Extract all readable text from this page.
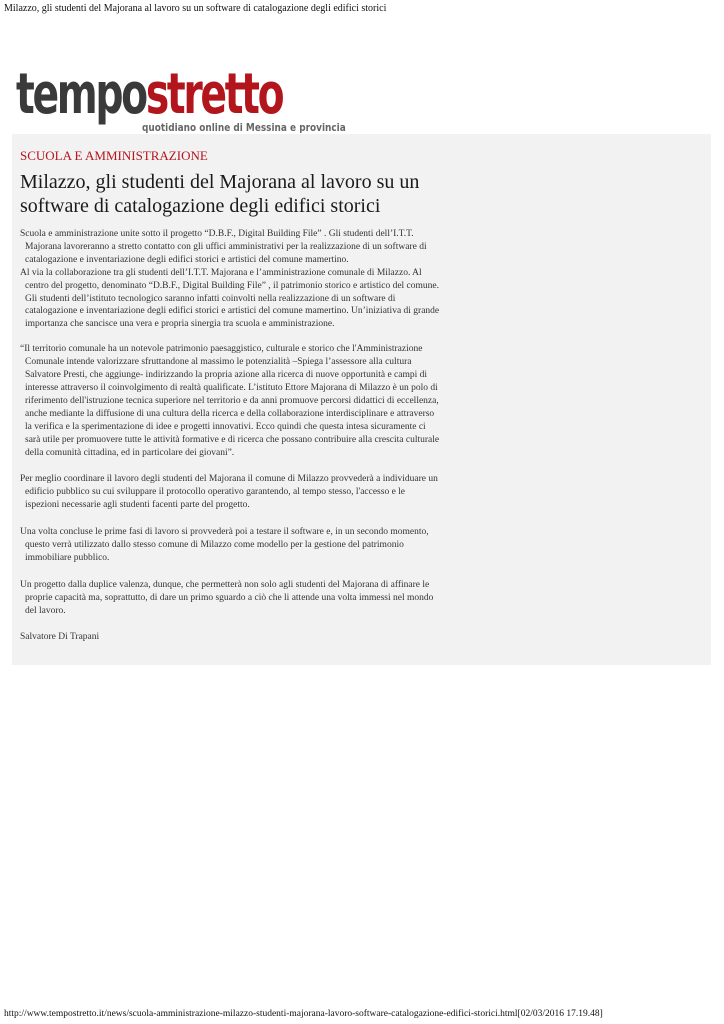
Milazzo, gli studenti del Majorana al lavoro su un software di catalogazione degli edifici storici
tempostretto
quotidiano online di Messina e provincia
SCUOLA E AMMINISTRAZIONE
Milazzo, gli studenti del Majorana al lavoro su un software di catalogazione degli edifici storici

Scuola e amministrazione unite sotto il progetto “D.B.F., Digital Building File” . Gli studenti dell’I.T.T. Majorana lavoreranno a stretto contatto con gli uffici amministrativi per la realizzazione di un software di catalogazione e inventariazione degli edifici storici e artistici del comune mamertino.

Al via la collaborazione tra gli studenti dell’I.T.T. Majorana e l’amministrazione comunale di Milazzo. Al centro del progetto, denominato “D.B.F., Digital Building File” , il patrimonio storico e artistico del comune. Gli studenti dell’istituto tecnologico saranno infatti coinvolti nella realizzazione di un software di catalogazione e inventariazione degli edifici storici e artistici del comune mamertino. Un’iniziativa di grande importanza che sancisce una vera e propria sinergia tra scuola e amministrazione.

“Il territorio comunale ha un notevole patrimonio paesaggistico, culturale e storico che l'Amministrazione Comunale intende valorizzare sfruttandone al massimo le potenzialità –Spiega l’assessore alla cultura Salvatore Presti, che aggiunge- indirizzando la propria azione alla ricerca di nuove opportunità e campi di interesse attraverso il coinvolgimento di realtà qualificate. L’istituto Ettore Majorana di Milazzo è un polo di riferimento dell'istruzione tecnica superiore nel territorio e da anni promuove percorsi didattici di eccellenza, anche mediante la diffusione di una cultura della ricerca e della collaborazione interdisciplinare e attraverso la verifica e la sperimentazione di idee e progetti innovativi. Ecco quindi che questa intesa sicuramente ci sarà utile per promuovere tutte le attività formative e di ricerca che possano contribuire alla crescita culturale della comunità cittadina, ed in particolare dei giovani”.

Per meglio coordinare il lavoro degli studenti del Majorana il comune di Milazzo provvederà a individuare un edificio pubblico su cui sviluppare il protocollo operativo garantendo, al tempo stesso, l'accesso e le ispezioni necessarie agli studenti facenti parte del progetto.

Una volta concluse le prime fasi di lavoro si provvederà poi a testare il software e, in un secondo momento, questo verrà utilizzato dallo stesso comune di Milazzo come modello per la gestione del patrimonio immobiliare pubblico.

Un progetto dalla duplice valenza, dunque, che permetterà non solo agli studenti del Majorana di affinare le proprie capacità ma, soprattutto, di dare un primo sguardo a ciò che li attende una volta immessi nel mondo del lavoro.

Salvatore Di Trapani
http://www.tempostretto.it/news/scuola-amministrazione-milazzo-studenti-majorana-lavoro-software-catalogazione-edifici-storici.html[02/03/2016 17.19.48]
